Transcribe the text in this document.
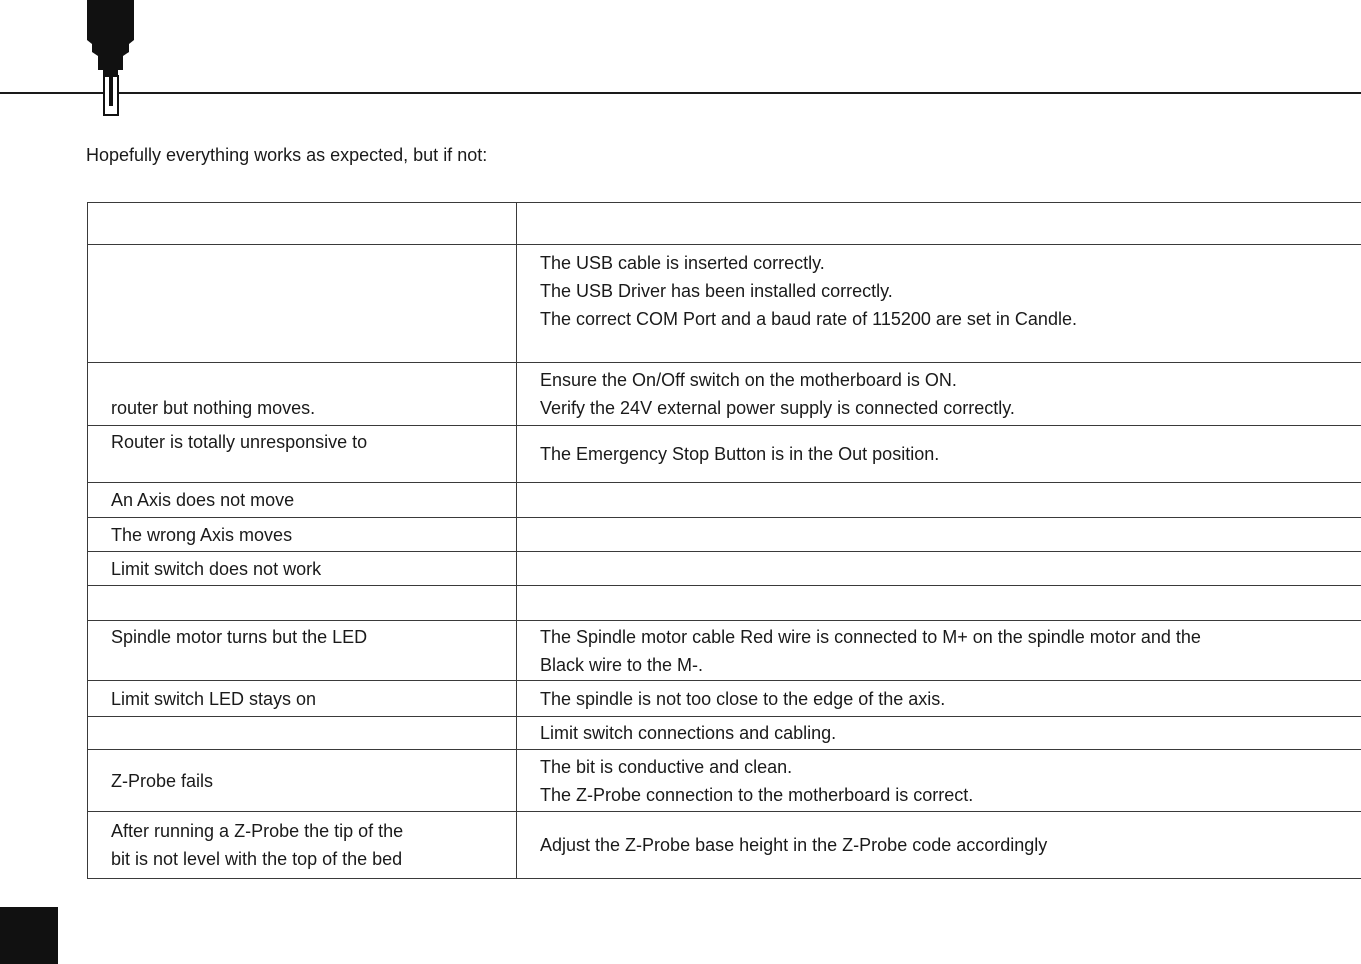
Hopefully everything works as expected, but if not:

	The USB cable is inserted correctly.
The USB Driver has been installed correctly.
The correct COM Port and a baud rate of 115200 are set in Candle.

router but nothing moves.	Ensure the On/Off switch on the motherboard is ON.
Verify the 24V external power supply is connected correctly.

Router is totally unresponsive to	The Emergency Stop Button is in the Out position.

An Axis does not move	

The wrong Axis moves	

Limit switch does not work	

Spindle motor turns but the LED	The Spindle motor cable Red wire is connected to M+ on the spindle motor and the
Black wire to the M-.

Limit switch LED stays on	The spindle is not too close to the edge of the axis.

	Limit switch connections and cabling.

Z-Probe fails	The bit is conductive and clean.
The Z-Probe connection to the motherboard is correct.

After running a Z-Probe the tip of the
bit is not level with the top of the bed	Adjust the Z-Probe base height in the Z-Probe code accordingly
